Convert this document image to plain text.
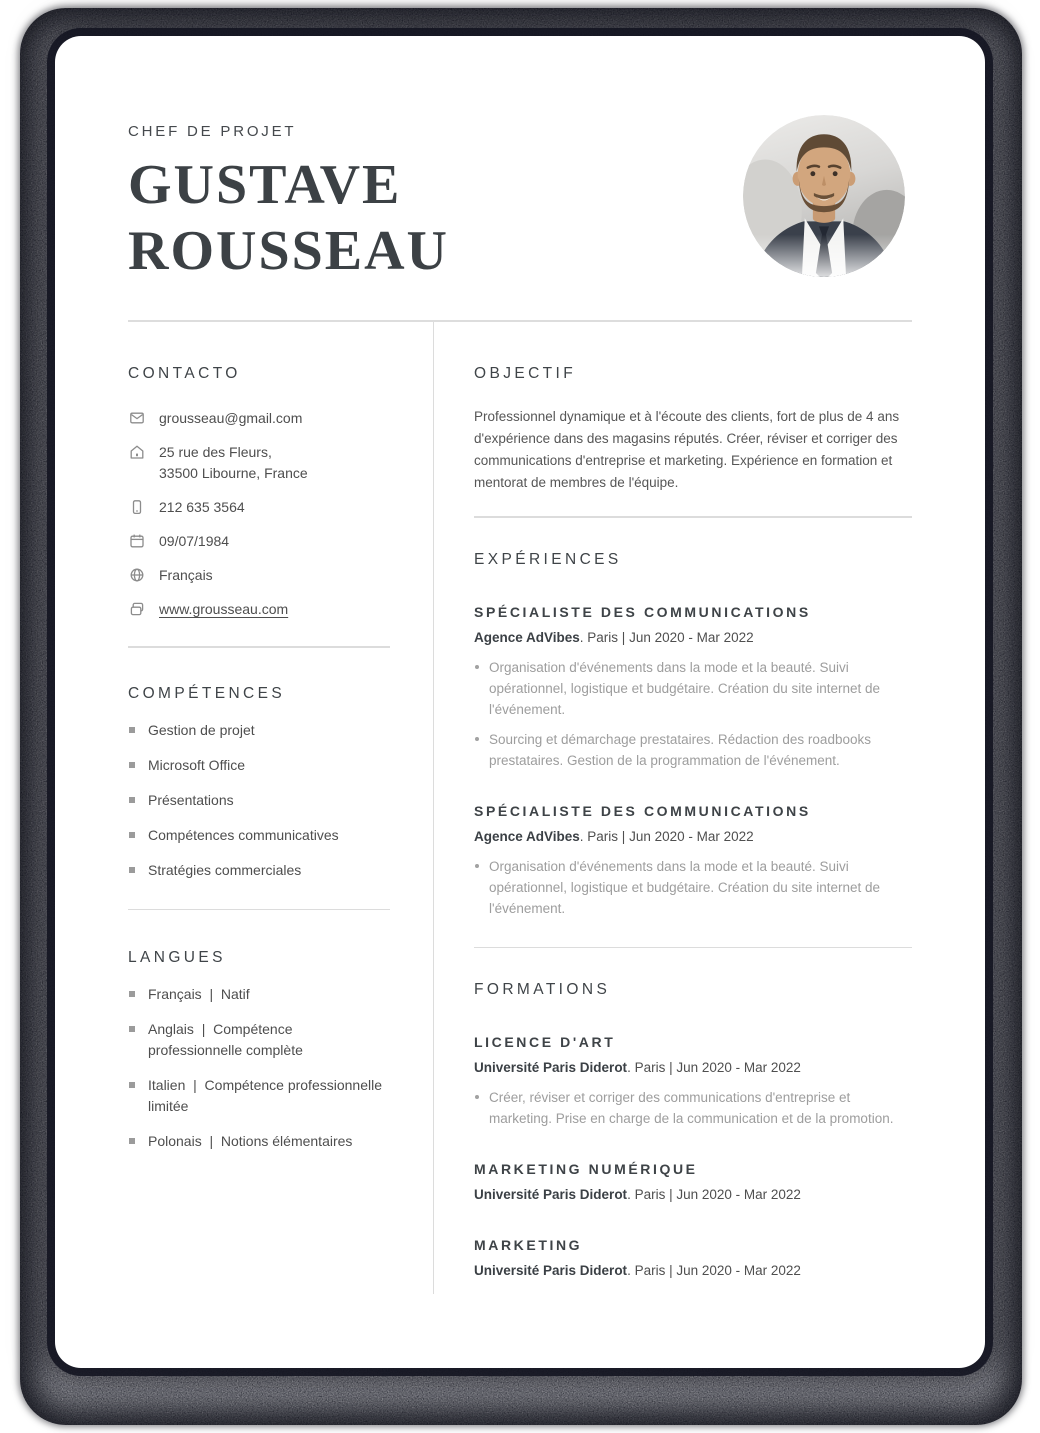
CHEF DE PROJET
GUSTAVE
ROUSSEAU
CONTACTO
grousseau@gmail.com
25 rue des Fleurs,
33500 Libourne, France
212 635 3564
09/07/1984
Français
www.grousseau.com
COMPÉTENCES
Gestion de projet
Microsoft Office
Présentations
Compétences communicatives
Stratégies commerciales
LANGUES
Français  |  Natif
Anglais  |  Compétence professionnelle complète
Italien  |  Compétence professionnelle limitée
Polonais  |  Notions élémentaires
OBJECTIF

Professionnel dynamique et à l'écoute des clients, fort de plus de 4 ans d'expérience dans des magasins réputés. Créer, réviser et corriger des communications d'entreprise et marketing. Expérience en formation et mentorat de membres de l'équipe.

EXPÉRIENCES
SPÉCIALISTE DES COMMUNICATIONS
Agence AdVibes. Paris | Jun 2020 - Mar 2022
Organisation d'événements dans la mode et la beauté. Suivi opérationnel, logistique et budgétaire. Création du site internet de l'événement.
Sourcing et démarchage prestataires. Rédaction des roadbooks prestataires. Gestion de la programmation de l'événement.
SPÉCIALISTE DES COMMUNICATIONS
Agence AdVibes. Paris | Jun 2020 - Mar 2022
Organisation d'événements dans la mode et la beauté. Suivi opérationnel, logistique et budgétaire. Création du site internet de l'événement.
FORMATIONS
LICENCE D'ART
Université Paris Diderot. Paris | Jun 2020 - Mar 2022
Créer, réviser et corriger des communications d'entreprise et marketing. Prise en charge de la communication et de la promotion.
MARKETING NUMÉRIQUE
Université Paris Diderot. Paris | Jun 2020 - Mar 2022
MARKETING
Université Paris Diderot. Paris | Jun 2020 - Mar 2022
